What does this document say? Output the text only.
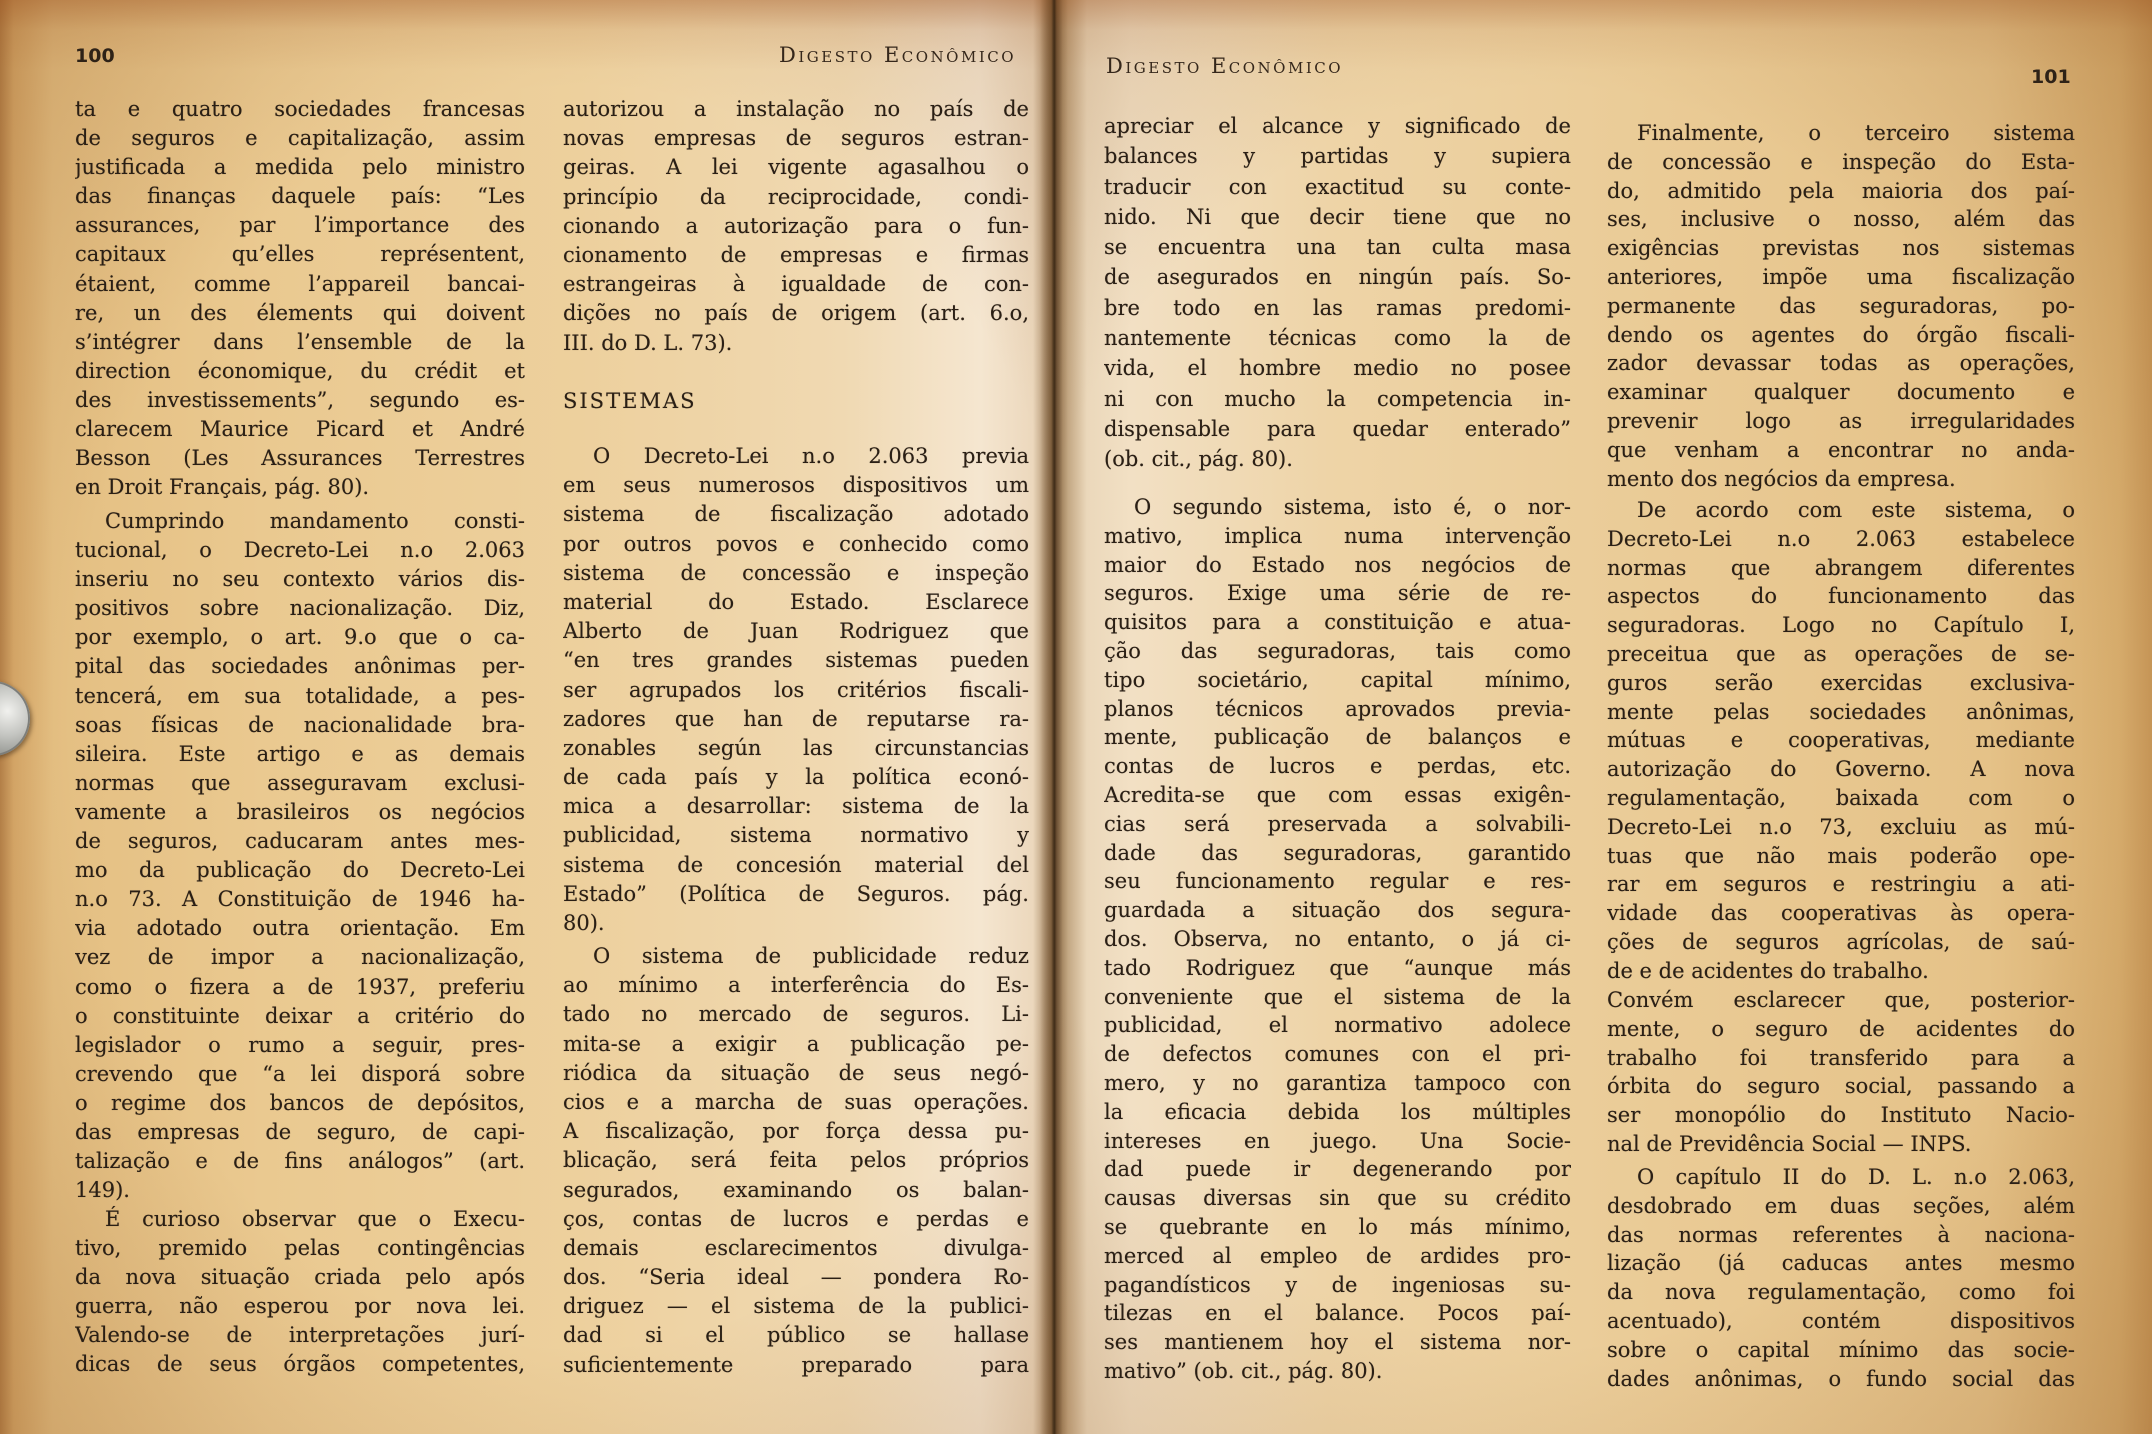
100	Digesto Econômico
ta e quatro sociedades francesas
de seguros e capitalização, assim
justificada a medida pelo ministro
das finanças daquele país: “Les
assurances, par l’importance des
capitaux qu’elles représentent,
étaient, comme l’appareil bancai-
re, un des élements qui doivent
s’intégrer dans l’ensemble de la
direction économique, du crédit et
des investissements”, segundo es-
clarecem Maurice Picard et André
Besson (Les Assurances Terrestres
en Droit Français, pág. 80).
Cumprindo mandamento consti-
tucional, o Decreto-Lei n.o 2.063
inseriu no seu contexto vários dis-
positivos sobre nacionalização. Diz,
por exemplo, o art. 9.o que o ca-
pital das sociedades anônimas per-
tencerá, em sua totalidade, a pes-
soas físicas de nacionalidade bra-
sileira. Este artigo e as demais
normas que asseguravam exclusi-
vamente a brasileiros os negócios
de seguros, caducaram antes mes-
mo da publicação do Decreto-Lei
n.o 73. A Constituição de 1946 ha-
via adotado outra orientação. Em
vez de impor a nacionalização,
como o fizera a de 1937, preferiu
o constituinte deixar a critério do
legislador o rumo a seguir, pres-
crevendo que “a lei disporá sobre
o regime dos bancos de depósitos,
das empresas de seguro, de capi-
talização e de fins análogos” (art.
149).
É curioso observar que o Execu-
tivo, premido pelas contingências
da nova situação criada pelo após
guerra, não esperou por nova lei.
Valendo-se de interpretações jurí-
dicas de seus órgãos competentes,
autorizou a instalação no país de
novas empresas de seguros estran-
geiras. A lei vigente agasalhou o
princípio da reciprocidade, condi-
cionando a autorização para o fun-
cionamento de empresas e firmas
estrangeiras à igualdade de con-
dições no país de origem (art. 6.o,
III. do D. L. 73).
SISTEMAS
O Decreto-Lei n.o 2.063 previa
em seus numerosos dispositivos um
sistema de fiscalização adotado
por outros povos e conhecido como
sistema de concessão e inspeção
material do Estado. Esclarece
Alberto de Juan Rodriguez que
“en tres grandes sistemas pueden
ser agrupados los critérios fiscali-
zadores que han de reputarse ra-
zonables según las circunstancias
de cada país y la política econó-
mica a desarrollar: sistema de la
publicidad, sistema normativo y
sistema de concesión material del
Estado” (Política de Seguros. pág.
80).
O sistema de publicidade reduz
ao mínimo a interferência do Es-
tado no mercado de seguros. Li-
mita-se a exigir a publicação pe-
riódica da situação de seus negó-
cios e a marcha de suas operações.
A fiscalização, por força dessa pu-
blicação, será feita pelos próprios
segurados, examinando os balan-
ços, contas de lucros e perdas e
demais esclarecimentos divulga-
dos. “Seria ideal — pondera Ro-
driguez — el sistema de la publici-
dad si el público se hallase
suficientemente preparado para
Digesto Econômico	101
apreciar el alcance y significado de
balances y partidas y supiera
traducir con exactitud su conte-
nido. Ni que decir tiene que no
se encuentra una tan culta masa
de asegurados en ningún país. So-
bre todo en las ramas predomi-
nantemente técnicas como la de
vida, el hombre medio no posee
ni con mucho la competencia in-
dispensable para quedar enterado”
(ob. cit., pág. 80).
O segundo sistema, isto é, o nor-
mativo, implica numa intervenção
maior do Estado nos negócios de
seguros. Exige uma série de re-
quisitos para a constituição e atua-
ção das seguradoras, tais como
tipo societário, capital mínimo,
planos técnicos aprovados previa-
mente, publicação de balanços e
contas de lucros e perdas, etc.
Acredita-se que com essas exigên-
cias será preservada a solvabili-
dade das seguradoras, garantido
seu funcionamento regular e res-
guardada a situação dos segura-
dos. Observa, no entanto, o já ci-
tado Rodriguez que “aunque más
conveniente que el sistema de la
publicidad, el normativo adolece
de defectos comunes con el pri-
mero, y no garantiza tampoco con
la eficacia debida los múltiples
intereses en juego. Una Socie-
dad puede ir degenerando por
causas diversas sin que su crédito
se quebrante en lo más mínimo,
merced al empleo de ardides pro-
pagandísticos y de ingeniosas su-
tilezas en el balance. Pocos paí-
ses mantienem hoy el sistema nor-
mativo” (ob. cit., pág. 80).
Finalmente, o terceiro sistema
de concessão e inspeção do Esta-
do, admitido pela maioria dos paí-
ses, inclusive o nosso, além das
exigências previstas nos sistemas
anteriores, impõe uma fiscalização
permanente das seguradoras, po-
dendo os agentes do órgão fiscali-
zador devassar todas as operações,
examinar qualquer documento e
prevenir logo as irregularidades
que venham a encontrar no anda-
mento dos negócios da empresa.
De acordo com este sistema, o
Decreto-Lei n.o 2.063 estabelece
normas que abrangem diferentes
aspectos do funcionamento das
seguradoras. Logo no Capítulo I,
preceitua que as operações de se-
guros serão exercidas exclusiva-
mente pelas sociedades anônimas,
mútuas e cooperativas, mediante
autorização do Governo. A nova
regulamentação, baixada com o
Decreto-Lei n.o 73, excluiu as mú-
tuas que não mais poderão ope-
rar em seguros e restringiu a ati-
vidade das cooperativas às opera-
ções de seguros agrícolas, de saú-
de e de acidentes do trabalho.
Convém esclarecer que, posterior-
mente, o seguro de acidentes do
trabalho foi transferido para a
órbita do seguro social, passando a
ser monopólio do Instituto Nacio-
nal de Previdência Social — INPS.
O capítulo II do D. L. n.o 2.063,
desdobrado em duas seções, além
das normas referentes à naciona-
lização (já caducas antes mesmo
da nova regulamentação, como foi
acentuado), contém dispositivos
sobre o capital mínimo das socie-
dades anônimas, o fundo social das
